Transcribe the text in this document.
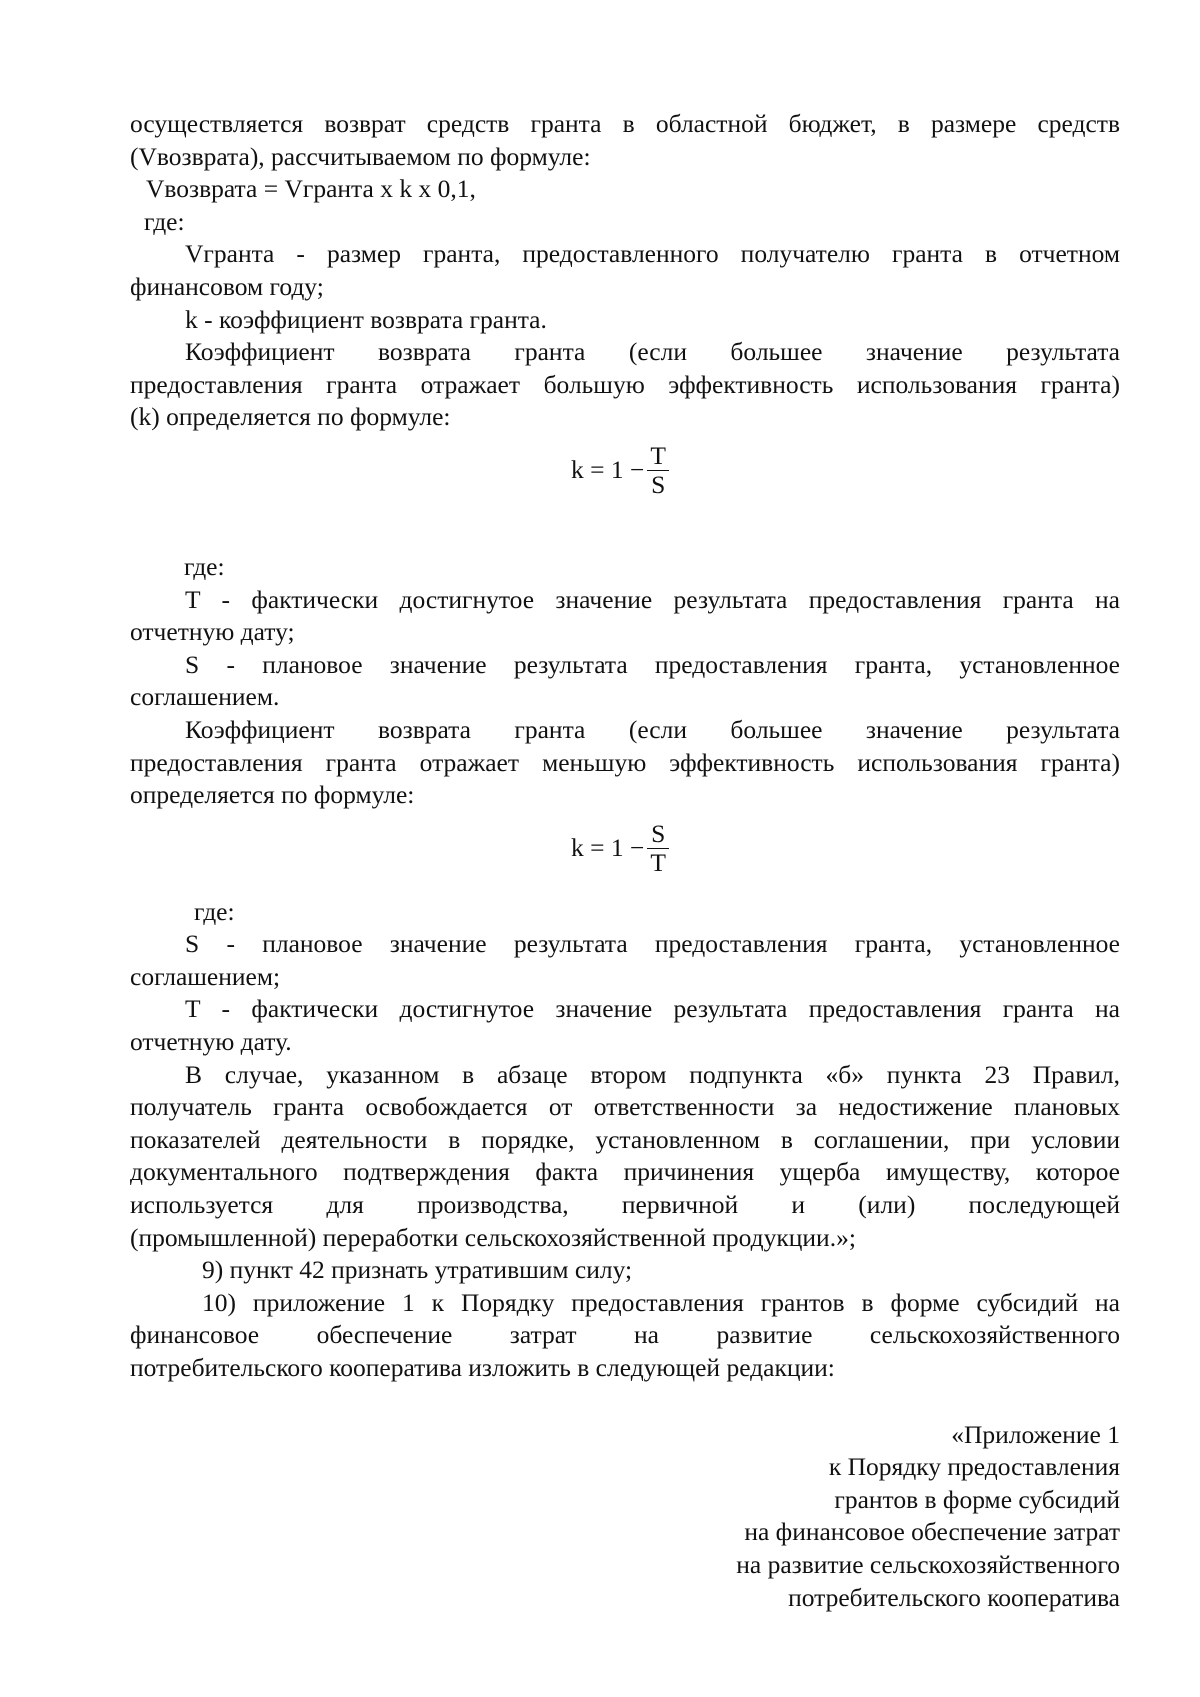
осуществляется возврат средств гранта в областной бюджет, в размере средств
(Vвозврата), рассчитываемом по формуле:
Vвозврата = Vгранта x k x 0,1,
где:
Vгранта - размер гранта, предоставленного получателю гранта в отчетном
финансовом году;
k - коэффициент возврата гранта.
Коэффициент возврата гранта (если большее значение результата
предоставления гранта отражает большую эффективность использования гранта)
(k) определяется по формуле:
$k = 1 - \frac{T}{S}$
где:
T - фактически достигнутое значение результата предоставления гранта на
отчетную дату;
S - плановое значение результата предоставления гранта, установленное
соглашением.
Коэффициент возврата гранта (если большее значение результата
предоставления гранта отражает меньшую эффективность использования гранта)
определяется по формуле:
$k = 1 - \frac{S}{T}$
где:
S - плановое значение результата предоставления гранта, установленное
соглашением;
T - фактически достигнутое значение результата предоставления гранта на
отчетную дату.
В случае, указанном в абзаце втором подпункта «б» пункта 23 Правил,
получатель гранта освобождается от ответственности за недостижение плановых
показателей деятельности в порядке, установленном в соглашении, при условии
документального подтверждения факта причинения ущерба имуществу, которое
используется для производства, первичной и (или) последующей
(промышленной) переработки сельскохозяйственной продукции.»;
9) пункт 42 признать утратившим силу;
10) приложение 1 к Порядку предоставления грантов в форме субсидий на
финансовое обеспечение затрат на развитие сельскохозяйственного
потребительского кооператива изложить в следующей редакции:
«Приложение 1
к Порядку предоставления
грантов в форме субсидий
на финансовое обеспечение затрат
на развитие сельскохозяйственного
потребительского кооператива
